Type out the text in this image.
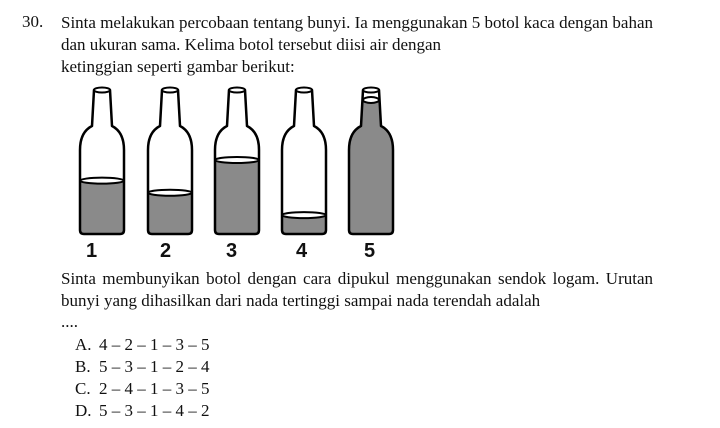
30. Sinta melakukan percobaan tentang bunyi. Ia menggunakan 5 botol kaca dengan bahan dan ukuran sama. Kelima botol tersebut diisi air dengan
ketinggian seperti gambar berikut:
1	2	3	4	5
Sinta membunyikan botol dengan cara dipukul menggunakan sendok logam. Urutan bunyi yang dihasilkan dari nada tertinggi sampai nada terendah adalah
....
A. 4 – 2 – 1 – 3 – 5
B. 5 – 3 – 1 – 2 – 4
C. 2 – 4 – 1 – 3 – 5
D. 5 – 3 – 1 – 4 – 2
